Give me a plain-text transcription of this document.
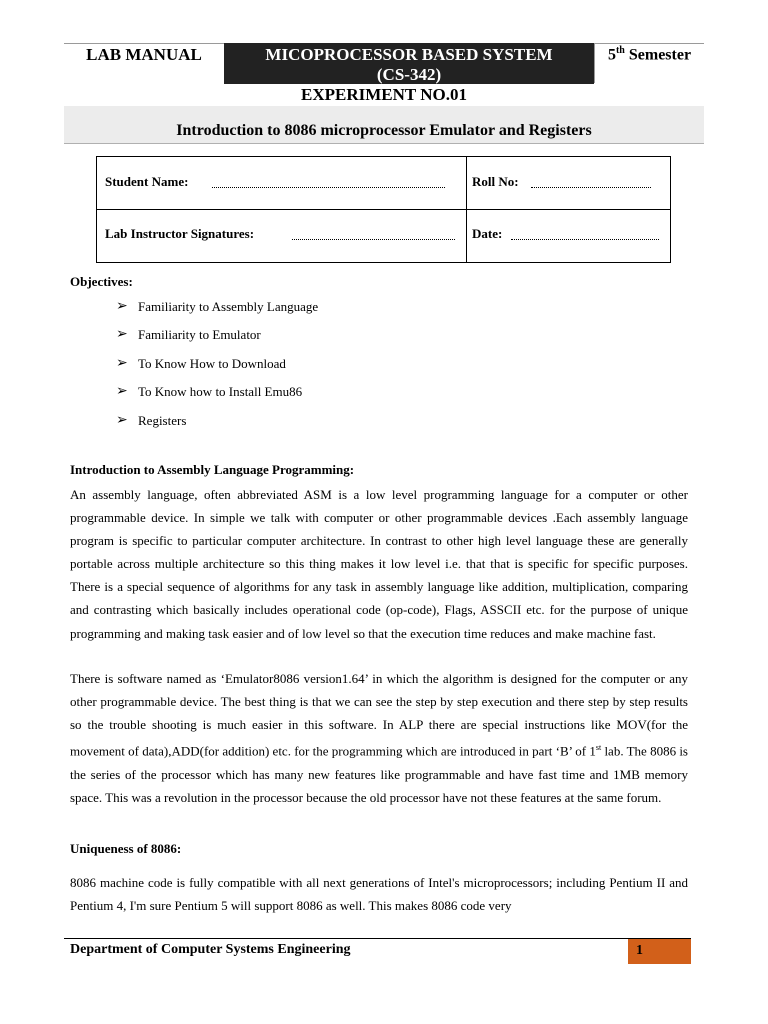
LAB MANUAL	MICOPROCESSOR BASED SYSTEM
(CS-342)
5th Semester
EXPERIMENT NO.01
Introduction to 8086 microprocessor Emulator and Registers
Student Name:	Roll No:
Lab Instructor Signatures:	Date:
Objectives:
➢ Familiarity to Assembly Language
➢ Familiarity to Emulator
➢ To Know How to Download
➢ To Know how to Install Emu86
➢ Registers
Introduction to Assembly Language Programming:

An assembly language, often abbreviated ASM is a low level programming language for a computer or other programmable device. In simple we talk with computer or other programmable devices .Each assembly language program is specific to particular computer architecture. In contrast to other high level language these are generally portable across multiple architecture so this thing makes it low level i.e. that that is specific for specific purposes. There is a special sequence of algorithms for any task in assembly language like addition, multiplication, comparing and contrasting which basically includes operational code (op-code), Flags, ASSCII etc. for the purpose of unique programming and making task easier and of low level so that the execution time reduces and make machine fast.

There is software named as ‘Emulator8086 version1.64’ in which the algorithm is designed for the computer or any other programmable device. The best thing is that we can see the step by step execution and there step by step results so the trouble shooting is much easier in this software. In ALP there are special instructions like MOV(for the movement of data),ADD(for addition) etc. for the programming which are introduced in part ‘B’ of 1st lab. The 8086 is the series of the processor which has many new features like programmable and have fast time and 1MB memory space. This was a revolution in the processor because the old processor have not these features at the same forum.

Uniqueness of 8086:

8086 machine code is fully compatible with all next generations of Intel's microprocessors; including Pentium II and Pentium 4, I'm sure Pentium 5 will support 8086 as well. This makes 8086 code very

Department of Computer Systems Engineering	1
